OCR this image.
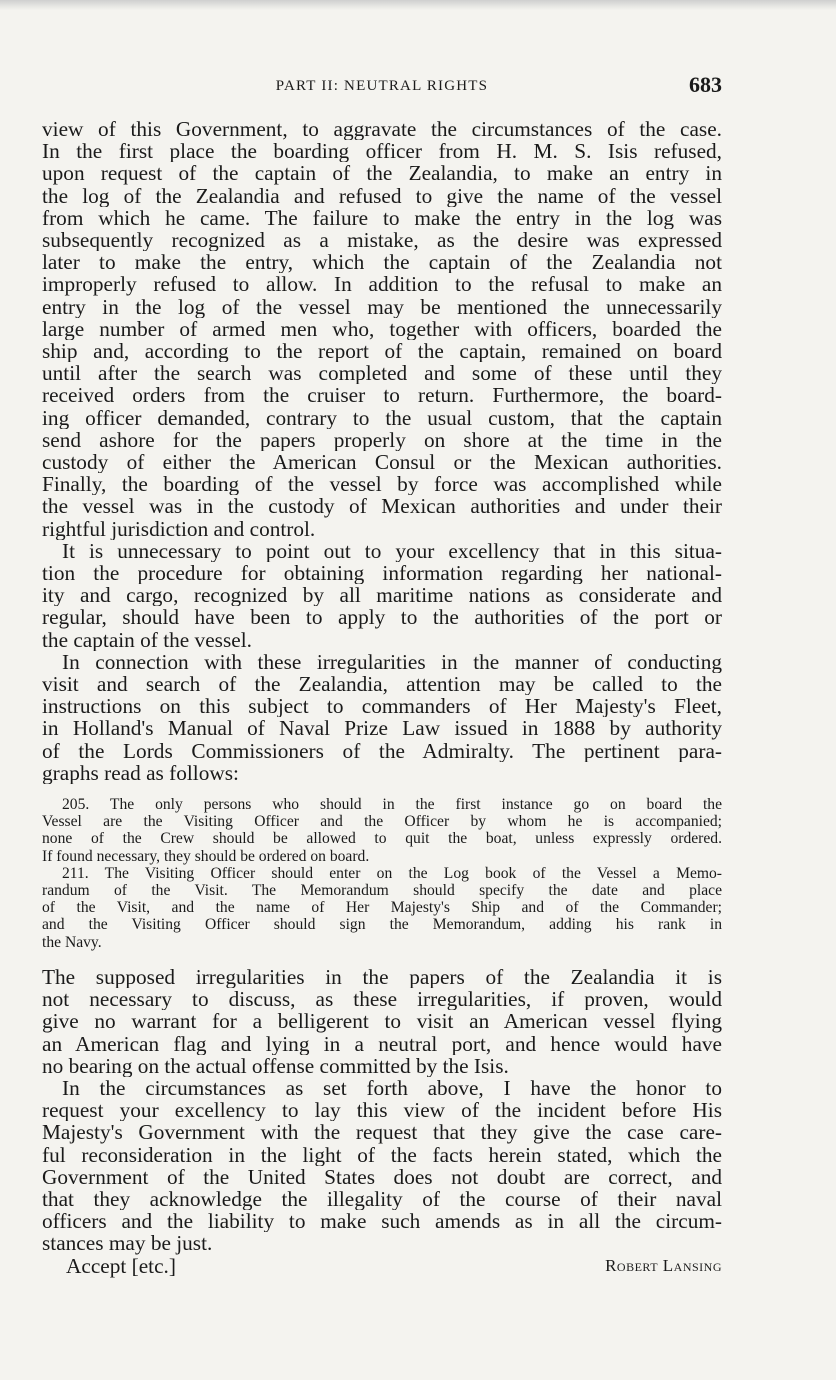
PART II: NEUTRAL RIGHTS	683
view of this Government, to aggravate the circumstances of the case.
In the first place the boarding officer from H. M. S. Isis refused,
upon request of the captain of the Zealandia, to make an entry in
the log of the Zealandia and refused to give the name of the vessel
from which he came. The failure to make the entry in the log was
subsequently recognized as a mistake, as the desire was expressed
later to make the entry, which the captain of the Zealandia not
improperly refused to allow. In addition to the refusal to make an
entry in the log of the vessel may be mentioned the unnecessarily
large number of armed men who, together with officers, boarded the
ship and, according to the report of the captain, remained on board
until after the search was completed and some of these until they
received orders from the cruiser to return. Furthermore, the board-
ing officer demanded, contrary to the usual custom, that the captain
send ashore for the papers properly on shore at the time in the
custody of either the American Consul or the Mexican authorities.
Finally, the boarding of the vessel by force was accomplished while
the vessel was in the custody of Mexican authorities and under their
rightful jurisdiction and control.
It is unnecessary to point out to your excellency that in this situa-
tion the procedure for obtaining information regarding her national-
ity and cargo, recognized by all maritime nations as considerate and
regular, should have been to apply to the authorities of the port or
the captain of the vessel.
In connection with these irregularities in the manner of conducting
visit and search of the Zealandia, attention may be called to the
instructions on this subject to commanders of Her Majesty's Fleet,
in Holland's Manual of Naval Prize Law issued in 1888 by authority
of the Lords Commissioners of the Admiralty. The pertinent para-
graphs read as follows:
205. The only persons who should in the first instance go on board the
Vessel are the Visiting Officer and the Officer by whom he is accompanied;
none of the Crew should be allowed to quit the boat, unless expressly ordered.
If found necessary, they should be ordered on board.
211. The Visiting Officer should enter on the Log book of the Vessel a Memo-
randum of the Visit. The Memorandum should specify the date and place
of the Visit, and the name of Her Majesty's Ship and of the Commander;
and the Visiting Officer should sign the Memorandum, adding his rank in
the Navy.
The supposed irregularities in the papers of the Zealandia it is
not necessary to discuss, as these irregularities, if proven, would
give no warrant for a belligerent to visit an American vessel flying
an American flag and lying in a neutral port, and hence would have
no bearing on the actual offense committed by the Isis.
In the circumstances as set forth above, I have the honor to
request your excellency to lay this view of the incident before His
Majesty's Government with the request that they give the case care-
ful reconsideration in the light of the facts herein stated, which the
Government of the United States does not doubt are correct, and
that they acknowledge the illegality of the course of their naval
officers and the liability to make such amends as in all the circum-
stances may be just.
Accept [etc.]	Robert Lansing
